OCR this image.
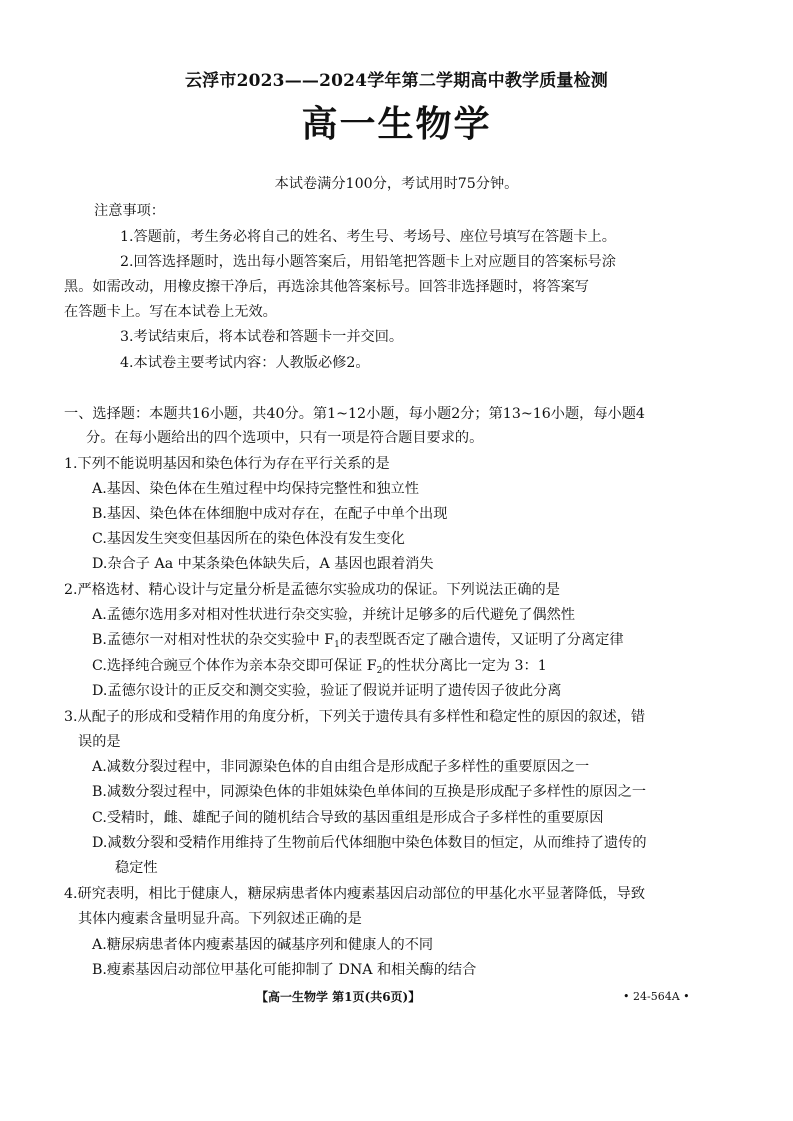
云浮市2023——2024学年第二学期高中教学质量检测
高一生物学
本试卷满分100分，考试用时75分钟。
注意事项：
1.答题前，考生务必将自己的姓名、考生号、考场号、座位号填写在答题卡上。
2.回答选择题时，选出每小题答案后，用铅笔把答题卡上对应题目的答案标号涂
黑。如需改动，用橡皮擦干净后，再选涂其他答案标号。回答非选择题时，将答案写
在答题卡上。写在本试卷上无效。
3.考试结束后，将本试卷和答题卡一并交回。
4.本试卷主要考试内容：人教版必修2。
一、选择题：本题共16小题，共40分。第1~12小题，每小题2分；第13~16小题，每小题4
分。在每小题给出的四个选项中，只有一项是符合题目要求的。
1.下列不能说明基因和染色体行为存在平行关系的是
A.基因、染色体在生殖过程中均保持完整性和独立性
B.基因、染色体在体细胞中成对存在，在配子中单个出现
C.基因发生突变但基因所在的染色体没有发生变化
D.杂合子 Aa 中某条染色体缺失后，A 基因也跟着消失
2.严格选材、精心设计与定量分析是孟德尔实验成功的保证。下列说法正确的是
A.孟德尔选用多对相对性状进行杂交实验，并统计足够多的后代避免了偶然性
B.孟德尔一对相对性状的杂交实验中 $F_1$的表型既否定了融合遗传，又证明了分离定律
C.选择纯合豌豆个体作为亲本杂交即可保证 $F_2$的性状分离比一定为 3：1
D.孟德尔设计的正反交和测交实验，验证了假说并证明了遗传因子彼此分离
3.从配子的形成和受精作用的角度分析，下列关于遗传具有多样性和稳定性的原因的叙述，错
误的是
A.减数分裂过程中，非同源染色体的自由组合是形成配子多样性的重要原因之一
B.减数分裂过程中，同源染色体的非姐妹染色单体间的互换是形成配子多样性的原因之一
C.受精时，雌、雄配子间的随机结合导致的基因重组是形成合子多样性的重要原因
D.减数分裂和受精作用维持了生物前后代体细胞中染色体数目的恒定，从而维持了遗传的
稳定性
4.研究表明，相比于健康人，糖尿病患者体内瘦素基因启动部位的甲基化水平显著降低，导致
其体内瘦素含量明显升高。下列叙述正确的是
A.糖尿病患者体内瘦素基因的碱基序列和健康人的不同
B.瘦素基因启动部位甲基化可能抑制了 DNA 和相关酶的结合
【高一生物学 第1页(共6页)】	• 24-564A •
